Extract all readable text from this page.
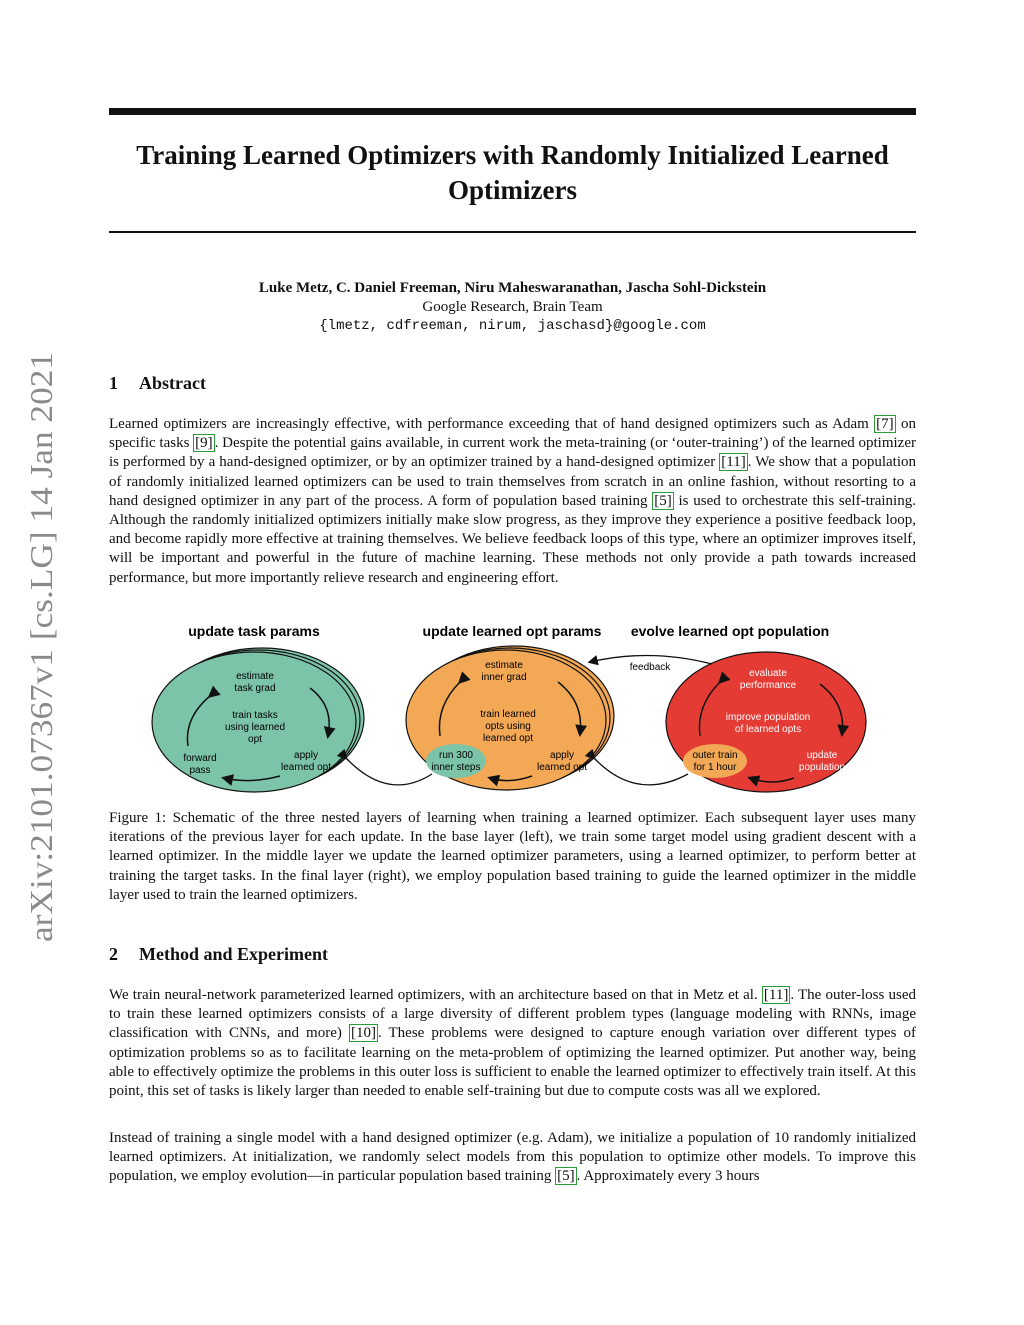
arXiv:2101.07367v1 [cs.LG] 14 Jan 2021
Training Learned Optimizers with Randomly Initialized Learned
Optimizers
Luke Metz, C. Daniel Freeman, Niru Maheswaranathan, Jascha Sohl-Dickstein
Google Research, Brain Team
{lmetz, cdfreeman, nirum, jaschasd}@google.com
1 Abstract
Learned optimizers are increasingly effective, with performance exceeding that of hand designed optimizers such as Adam [7] on specific tasks [9] . Despite the potential gains available, in current work the meta-training (or ‘outer-training’) of the learned optimizer is performed by a hand-designed optimizer, or by an optimizer trained by a hand-designed optimizer [11] . We show that a population of randomly initialized learned optimizers can be used to train themselves from scratch in an online fashion, without resorting to a hand designed optimizer in any part of the process. A form of population based training [5] is used to orchestrate this self-training. Although the randomly initialized optimizers initially make slow progress, as they improve they experience a positive feedback loop, and become rapidly more effective at training themselves. We believe feedback loops of this type, where an optimizer improves itself, will be important and powerful in the future of machine learning. These methods not only provide a path towards increased performance, but more importantly relieve research and engineering effort.
update task params	update learned opt params evolve learned opt population
estimate
task grad
train tasks
using learned
opt
forward
pass
apply
learned opt
estimate
inner grad
train learned
opts using
learned opt
run 300
inner steps
apply
learned opt
evaluate
performance
improve population
of learned opts
outer train
for 1 hour
update
population
feedback
Figure 1: Schematic of the three nested layers of learning when training a learned optimizer. Each subsequent layer uses many iterations of the previous layer for each update. In the base layer (left), we train some target model using gradient descent with a learned optimizer. In the middle layer we update the learned optimizer parameters, using a learned optimizer, to perform better at training the target tasks. In the final layer (right), we employ population based training to guide the learned optimizer in the middle layer used to train the learned optimizers.
2 Method and Experiment
We train neural-network parameterized learned optimizers, with an architecture based on that in Metz et al. [11] . The outer-loss used to train these learned optimizers consists of a large diversity of different problem types (language modeling with RNNs, image classification with CNNs, and more) [10] . These problems were designed to capture enough variation over different types of optimization problems so as to facilitate learning on the meta-problem of optimizing the learned optimizer. Put another way, being able to effectively optimize the problems in this outer loss is sufficient to enable the learned optimizer to effectively train itself. At this point, this set of tasks is likely larger than needed to enable self-training but due to compute costs was all we explored.
Instead of training a single model with a hand designed optimizer (e.g. Adam), we initialize a population of 10 randomly initialized learned optimizers. At initialization, we randomly select models from this population to optimize other models. To improve this population, we employ evolution—in particular population based training [5] . Approximately every 3 hours
